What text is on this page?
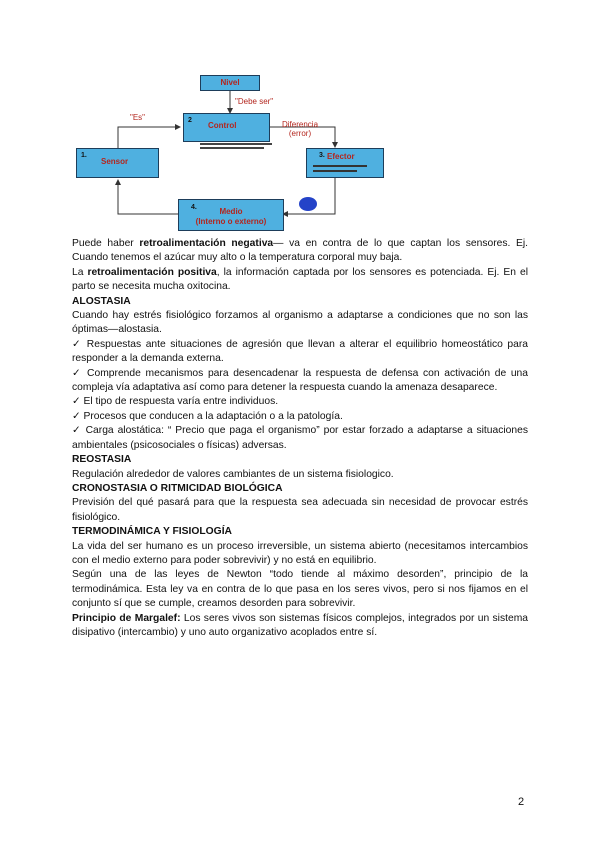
Nivel
"Debe ser"
"Es"	2
Control	Diferencia
(error)
1.
Sensor
3. Efector
4.	Medio
(Interno o externo)

Puede haber retroalimentación negativa— va en contra de lo que captan los sensores. Ej. Cuando tenemos el azúcar muy alto o la temperatura corporal muy baja.

La retroalimentación positiva, la información captada por los sensores es potenciada. Ej. En el parto se necesita mucha oxitocina.

ALOSTASIA

Cuando hay estrés fisiológico forzamos al organismo a adaptarse a condiciones que no son las óptimas—alostasia.

✓ Respuestas ante situaciones de agresión que llevan a alterar el equilibrio homeostático para responder a la demanda externa.

✓ Comprende mecanismos para desencadenar la respuesta de defensa con activación de una compleja vía adaptativa así como para detener la respuesta cuando la amenaza desaparece.

✓ El tipo de respuesta varía entre individuos.

✓ Procesos que conducen a la adaptación o a la patología.

✓ Carga alostática: “ Precio que paga el organismo” por estar forzado a adaptarse a situaciones ambientales (psicosociales o físicas) adversas.

REOSTASIA

Regulación alrededor de valores cambiantes de un sistema fisiologico.

CRONOSTASIA O RITMICIDAD BIOLÓGICA

Previsión del qué pasará para que la respuesta sea adecuada sin necesidad de provocar estrés fisiológico.

TERMODINÁMICA Y FISIOLOGÍA

La vida del ser humano es un proceso irreversible, un sistema abierto (necesitamos intercambios con el medio externo para poder sobrevivir) y no está en equilibrio.

Según una de las leyes de Newton “todo tiende al máximo desorden”, principio de la termodinámica. Esta ley va en contra de lo que pasa en los seres vivos, pero si nos fijamos en el conjunto sí que se cumple, creamos desorden para sobrevivir.

Principio de Margalef: Los seres vivos son sistemas físicos complejos, integrados por un sistema disipativo (intercambio) y uno auto organizativo acoplados entre sí.

2
